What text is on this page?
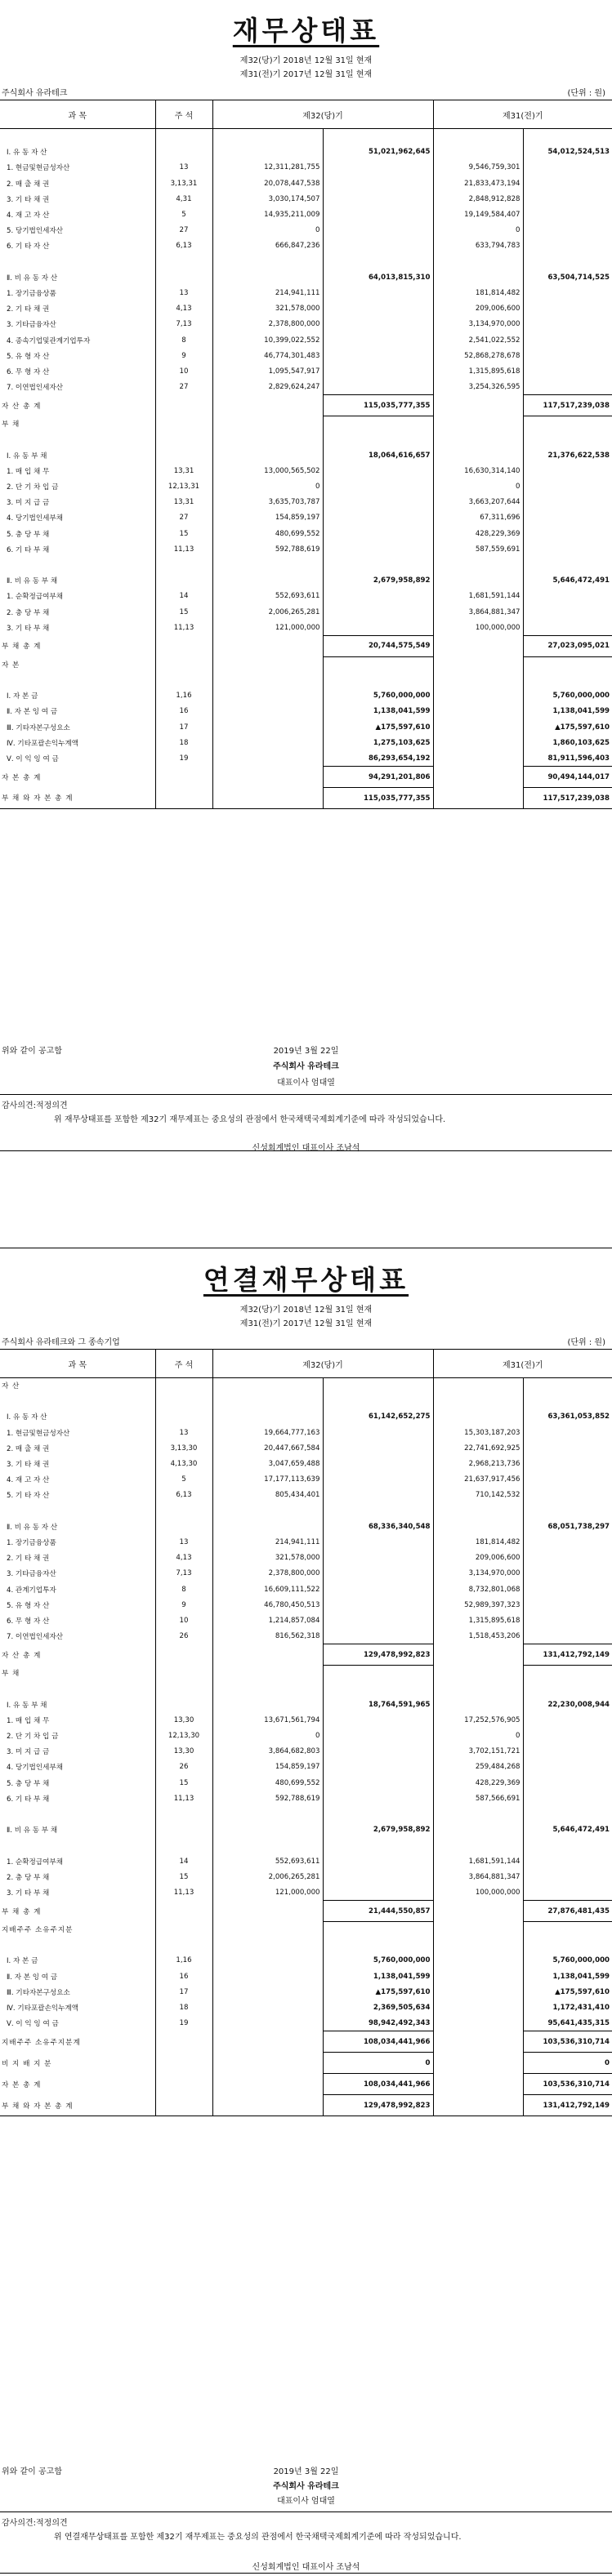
재무상태표
제32(당)기 2018년 12월 31일 현재
제31(전)기 2017년 12월 31일 현재
주식회사 유라테크	(단위 : 원)
과 목	주 석	제32(당)기		제31(전)기	

Ⅰ. 유 동 자 산			51,021,962,645		54,012,524,513
1. 현금및현금성자산	13	12,311,281,755		9,546,759,301	
2. 매 출 채 권	3,13,31	20,078,447,538		21,833,473,194	
3. 기 타 채 권	4,31	3,030,174,507		2,848,912,828	
4. 재 고 자 산	5	14,935,211,009		19,149,584,407	
5. 당기법인세자산	27	0		0	
6. 기 타 자 산	6,13	666,847,236		633,794,783	

Ⅱ. 비 유 동 자 산			64,013,815,310		63,504,714,525
1. 장기금융상품	13	214,941,111		181,814,482	
2. 기 타 채 권	4,13	321,578,000		209,006,600	
3. 기타금융자산	7,13	2,378,800,000		3,134,970,000	
4. 종속기업및관계기업투자	8	10,399,022,552		2,541,022,552	
5. 유 형 자 산	9	46,774,301,483		52,868,278,678	
6. 무 형 자 산	10	1,095,547,917		1,315,895,618	
7. 이연법인세자산	27	2,829,624,247		3,254,326,595	
자 산 총 계			115,035,777,355		117,517,239,038
부 채					

Ⅰ. 유 동 부 채			18,064,616,657		21,376,622,538
1. 매 입 채 무	13,31	13,000,565,502		16,630,314,140	
2. 단 기 차 입 금	12,13,31	0		0	
3. 미 지 급 금	13,31	3,635,703,787		3,663,207,644	
4. 당기법인세부채	27	154,859,197		67,311,696	
5. 충 당 부 채	15	480,699,552		428,229,369	
6. 기 타 부 채	11,13	592,788,619		587,559,691	

Ⅱ. 비 유 동 부 채			2,679,958,892		5,646,472,491
1. 순확정급여부채	14	552,693,611		1,681,591,144	
2. 충 당 부 채	15	2,006,265,281		3,864,881,347	
3. 기 타 부 채	11,13	121,000,000		100,000,000	
부 채 총 계			20,744,575,549		27,023,095,021
자 본					

Ⅰ. 자 본 금	1,16		5,760,000,000		5,760,000,000
Ⅱ. 자 본 잉 여 금	16		1,138,041,599		1,138,041,599
Ⅲ. 기타자본구성요소	17		▲175,597,610		▲175,597,610
Ⅳ. 기타포괄손익누계액	18		1,275,103,625		1,860,103,625
Ⅴ. 이 익 잉 여 금	19		86,293,654,192		81,911,596,403
자 본 총 계			94,291,201,806		90,494,144,017
부 채 와 자 본 총 계			115,035,777,355		117,517,239,038
위와 같이 공고함	2019년 3월 22일
주식회사 유라테크
대표이사 엄대열
감사의견:적정의견
위 재무상태표를 포함한 제32기 재무제표는 중요성의 관점에서 한국채택국제회계기준에 따라 작성되었습니다.
신성회계법인 대표이사 조남석
연결재무상태표
제32(당)기 2018년 12월 31일 현재
제31(전)기 2017년 12월 31일 현재
주식회사 유라테크와 그 종속기업	(단위 : 원)
과 목	주 석	제32(당)기		제31(전)기	
자 산					

Ⅰ. 유 동 자 산			61,142,652,275		63,361,053,852
1. 현금및현금성자산	13	19,664,777,163		15,303,187,203	
2. 매 출 채 권	3,13,30	20,447,667,584		22,741,692,925	
3. 기 타 채 권	4,13,30	3,047,659,488		2,968,213,736	
4. 재 고 자 산	5	17,177,113,639		21,637,917,456	
5. 기 타 자 산	6,13	805,434,401		710,142,532	

Ⅱ. 비 유 동 자 산			68,336,340,548		68,051,738,297
1. 장기금융상품	13	214,941,111		181,814,482	
2. 기 타 채 권	4,13	321,578,000		209,006,600	
3. 기타금융자산	7,13	2,378,800,000		3,134,970,000	
4. 관계기업투자	8	16,609,111,522		8,732,801,068	
5. 유 형 자 산	9	46,780,450,513		52,989,397,323	
6. 무 형 자 산	10	1,214,857,084		1,315,895,618	
7. 이연법인세자산	26	816,562,318		1,518,453,206	
자 산 총 계			129,478,992,823		131,412,792,149
부 채					

Ⅰ. 유 동 부 채			18,764,591,965		22,230,008,944
1. 매 입 채 무	13,30	13,671,561,794		17,252,576,905	
2. 단 기 차 입 금	12,13,30	0		0	
3. 미 지 급 금	13,30	3,864,682,803		3,702,151,721	
4. 당기법인세부채	26	154,859,197		259,484,268	
5. 충 당 부 채	15	480,699,552		428,229,369	
6. 기 타 부 채	11,13	592,788,619		587,566,691	

Ⅱ. 비 유 동 부 채			2,679,958,892		5,646,472,491

1. 순확정급여부채	14	552,693,611		1,681,591,144	
2. 충 당 부 채	15	2,006,265,281		3,864,881,347	
3. 기 타 부 채	11,13	121,000,000		100,000,000	
부 채 총 계			21,444,550,857		27,876,481,435
지배주주 소유주지분					

Ⅰ. 자 본 금	1,16		5,760,000,000		5,760,000,000
Ⅱ. 자 본 잉 여 금	16		1,138,041,599		1,138,041,599
Ⅲ. 기타자본구성요소	17		▲175,597,610		▲175,597,610
Ⅳ. 기타포괄손익누계액	18		2,369,505,634		1,172,431,410
Ⅴ. 이 익 잉 여 금	19		98,942,492,343		95,641,435,315
지배주주 소유주지분계			108,034,441,966		103,536,310,714
비 지 배 지 분			0		0
자 본 총 계			108,034,441,966		103,536,310,714
부 채 와 자 본 총 계			129,478,992,823		131,412,792,149
위와 같이 공고함	2019년 3월 22일
주식회사 유라테크
대표이사 엄대열
감사의견:적정의견
위 연결재무상태표를 포함한 제32기 재무제표는 중요성의 관점에서 한국채택국제회계기준에 따라 작성되었습니다.
신성회계법인 대표이사 조남석
